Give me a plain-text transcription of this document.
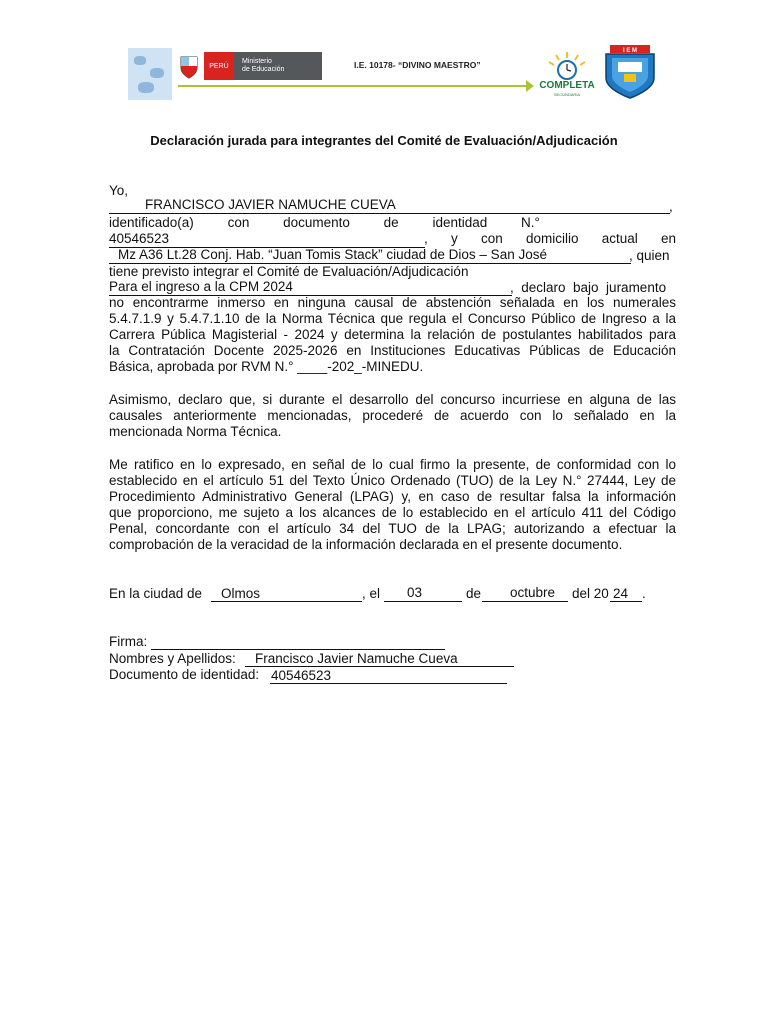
PERÚ
Ministerio
de Educación	I.E. 10178- “DIVINO MAESTRO”
COMPLETA
SECUNDARIA
I E M
Declaración jurada para integrantes del Comité de Evaluación/Adjudicación
Yo,
FRANCISCO JAVIER NAMUCHE CUEVA	,
identificado(a)	con	documento	de	identidad	N.°
40546523	, y con domicilio actual en
Mz A36 Lt.28 Conj. Hab. “Juan Tomis Stack” ciudad de Dios – San José	, quien
tiene previsto integrar el Comité de Evaluación/Adjudicación
Para el ingreso a la CPM 2024	,  declaro  bajo  juramento
no encontrarme inmerso en ninguna causal de abstención señalada en los numerales
5.4.7.1.9 y 5.4.7.1.10 de la Norma Técnica que regula el Concurso Público de Ingreso a la
Carrera Pública Magisterial - 2024 y determina la relación de postulantes habilitados para
la Contratación Docente 2025-2026 en Instituciones Educativas Públicas de Educación
Básica, aprobada por RVM N.° ____-202_-MINEDU.
Asimismo, declaro que, si durante el desarrollo del concurso incurriese en alguna de las
causales anteriormente mencionadas, procederé de acuerdo con lo señalado en la
mencionada Norma Técnica.
Me ratifico en lo expresado, en señal de lo cual firmo la presente, de conformidad con lo
establecido en el artículo 51 del Texto Único Ordenado (TUO) de la Ley N.° 27444, Ley de
Procedimiento Administrativo General (LPAG) y, en caso de resultar falsa la información
que proporciono, me sujeto a los alcances de lo establecido en el artículo 411 del Código
Penal, concordante con el artículo 34 del TUO de la LPAG; autorizando a efectuar la
comprobación de la veracidad de la información declarada en el presente documento.
En la ciudad de Olmos	, el 03	de octubre del 20 24 .
Firma:
Nombres y Apellidos: Francisco Javier Namuche Cueva
Documento de identidad: 40546523
